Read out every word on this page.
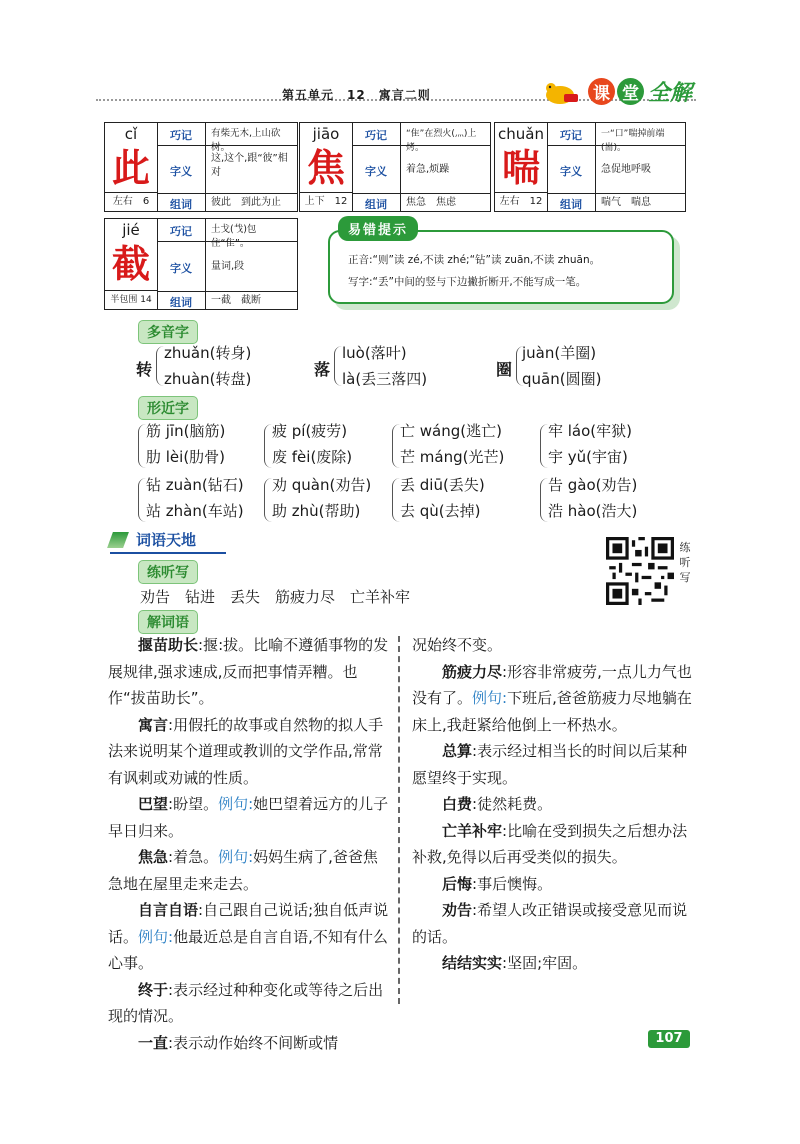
第五单元　12　寓言二则	课 堂 全解
cǐ
此
左右　 6
巧记	有柴无木,上山砍树。
字义
这,这个,跟“彼”相对
组词	彼此　到此为止
jiāo
焦
上下　 12
巧记	“隹”在烈火(灬)上烤。
字义	着急,烦躁
组词	焦急　焦虑
chuǎn
喘
左右　 12
巧记	一“口”喘掉前端(耑)。
字义	急促地呼吸
组词	喘气　喘息
jié
截
半包围 14
巧记	土戈(𢦏)包住“隹”。
字义	量词,段
组词	一截　截断
易错提示
正音:“则”读 zé,不读 zhé;“钻”读 zuān,不读 zhuān。
写字:“丢”中间的竖与下边撇折断开,不能写成一笔。
多音字
转
zhuǎn(转身)
zhuàn(转盘)	落
luò(落叶)
là(丢三落四)	圈
juàn(羊圈)
quān(圆圈)
形近字
筋 jīn(脑筋)
肋 lèi(肋骨)
疲 pí(疲劳)
废 fèi(废除)
亡 wáng(逃亡)
芒 máng(光芒)
牢 láo(牢狱)
宇 yǔ(宇宙)
钻 zuàn(钻石)
站 zhàn(车站)
劝 quàn(劝告)
助 zhù(帮助)
丢 diū(丢失)
去 qù(去掉)
告 gào(劝告)
浩 hào(浩大)
词语天地
练听写
劝告　钻进　丢失　筋疲力尽　亡羊补牢
练听写
解词语

揠苗助长:揠:拔。比喻不遵循事物的发展规律,强求速成,反而把事情弄糟。也作“拔苗助长”。

寓言:用假托的故事或自然物的拟人手法来说明某个道理或教训的文学作品,常常有讽刺或劝诫的性质。

巴望:盼望。例句:她巴望着远方的儿子早日归来。

焦急:着急。例句:妈妈生病了,爸爸焦急地在屋里走来走去。

自言自语:自己跟自己说话;独自低声说话。例句:他最近总是自言自语,不知有什么心事。

终于:表示经过种种变化或等待之后出现的情况。

一直:表示动作始终不间断或情

况始终不变。

筋疲力尽:形容非常疲劳,一点儿力气也没有了。例句:下班后,爸爸筋疲力尽地躺在床上,我赶紧给他倒上一杯热水。

总算:表示经过相当长的时间以后某种愿望终于实现。

白费:徒然耗费。

亡羊补牢:比喻在受到损失之后想办法补救,免得以后再受类似的损失。

后悔:事后懊悔。

劝告:希望人改正错误或接受意见而说的话。

结结实实:坚固;牢固。

107
